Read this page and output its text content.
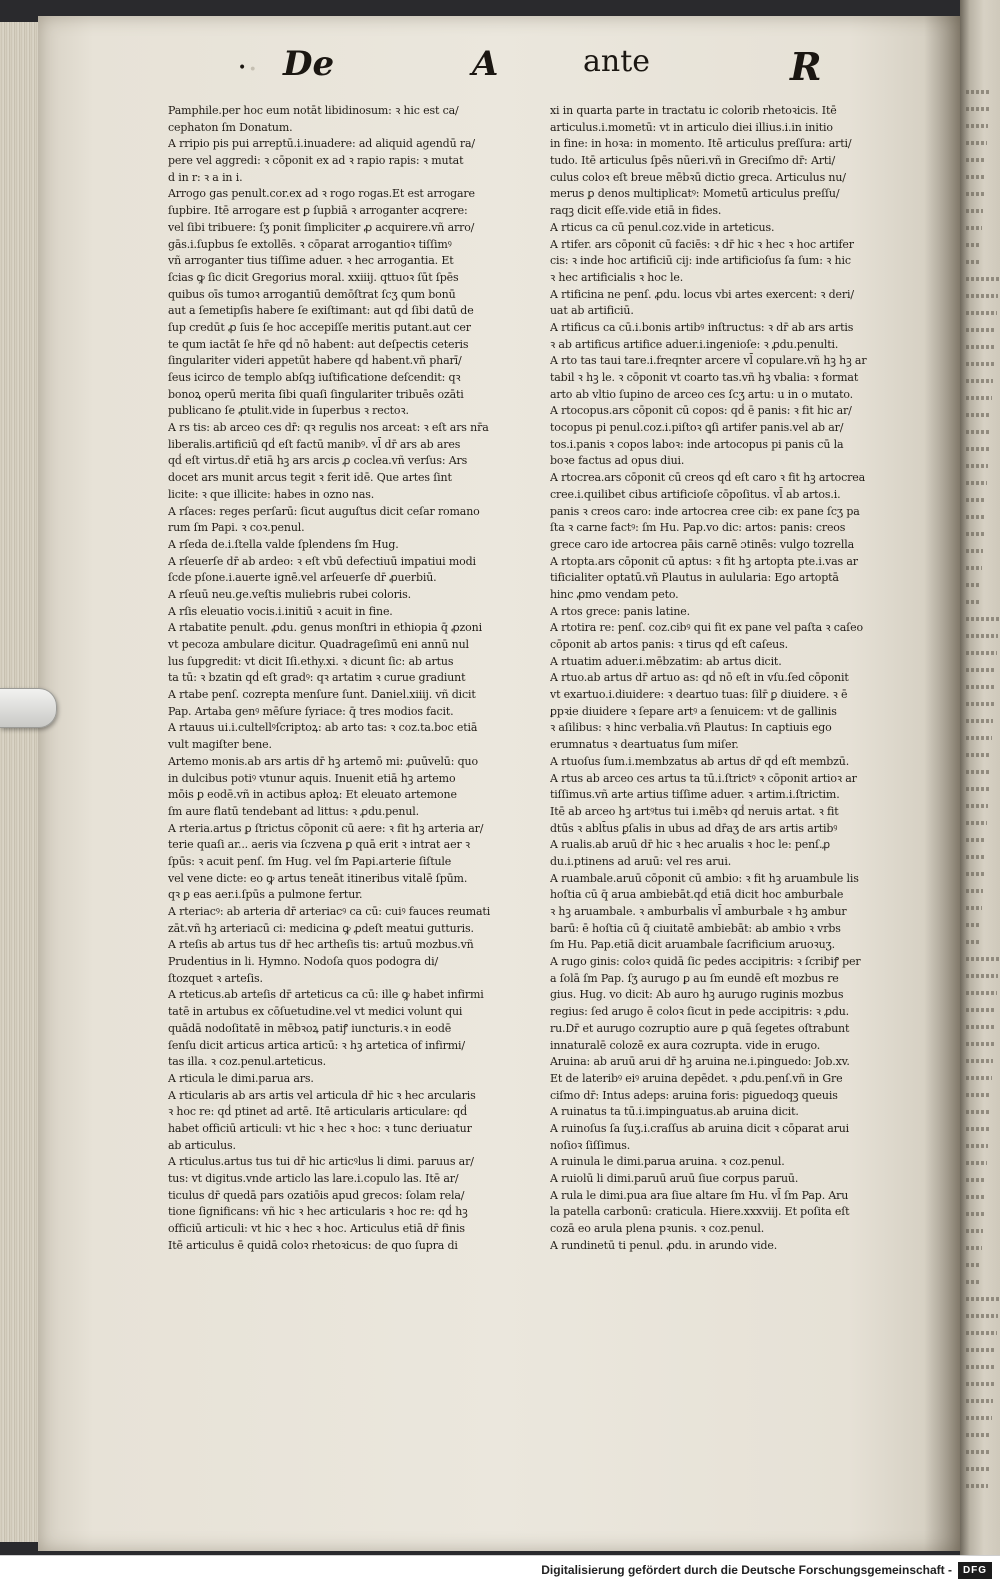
·
• De	A	ante	R
Pamphile.per hoc eum notāt libidinosum: ꝛ hic est ca/
cephaton ſm Donatum.
A rripio pis pui arreptū.i.inuadere: ad aliquid agendū ra/
pere vel aggredi: ꝛ cōponit ex ad ꝛ rapio rapis: ꝛ mutat
d in r: ꝛ a in i.
Arrogo gas penult.cor.ex ad ꝛ rogo rogas.Et est arrogare
ſupbire. Itē arrogare est ꝑ ſupbiā ꝛ arroganter acqrere:
vel ſibi tribuere: ſʒ ponit ſimpliciter ꝓ acquirere.vñ arro/
gās.i.ſupbus ſe extollēs. ꝛ cōparat arrogantioꝛ tiſſimꝰ
vñ arroganter tius tiſſime aduer. ꝛ hec arrogantia. Et
ſcias ꝙ ſic dicit Gregorius moral. xxiiij. qttuoꝛ ſūt ſpēs
quibus oīs tumoꝛ arrogantiū demōſtrat ſcʒ qum bonū
aut a ſemetipſis habere ſe exiſtimant: aut qḋ ſibi datū de
ſup credūt ꝓ ſuis ſe hoc accepiſſe meritis putant.aut cer
te qum iactāt ſe hr̄e qḋ nō habent: aut deſpectis ceteris
ſingulariter videri appetūt habere qḋ habent.vñ pharī/
ſeus icirco de templo abſqꝫ iuſtificatione deſcendit: qꝛ
bonoꝝ operū merita ſibi quaſi ſingulariter tribuēs ozāti
publicano ſe ꝓtulit.vide in ſuperbus ꝛ rectoꝛ.
A rs tis: ab arceo ces dr̄: qꝛ regulis nos arceat: ꝛ eſt ars nr̄a
liberalis.artificiū qḋ eſt factū manibꝰ. vl̄ dr̄ ars ab ares
qḋ eſt virtus.dr̄ etiā hꝫ ars arcis ꝓ coclea.vñ verſus: Ars
docet ars munit arcus tegit ꝛ ferit idē. Que artes ſint
licite: ꝛ que illicite: habes in ozno nas.
A rſaces: reges perſarū: ſicut auguſtus dicit ceſar romano
rum ſm Papi. ꝛ coꝛ.penul.
A rſeda de.i.ſtella valde ſplendens ſm Hug.
A rſeuerſe dr̄ ab ardeo: ꝛ eſt vbū defectiuū impatiui modi
ſcde pſone.i.auerte ignē.vel arſeuerſe dr̄ ꝓuerbiū.
A rſeuū neu.ge.veſtis muliebris rubei coloris.
A rſis eleuatio vocis.i.initiū ꝛ acuit in fine.
A rtabatite penult. ꝓdu. genus monſtri in ethiopia q̄ ꝓzoni
vt pecoza ambulare dicitur. Quadrageſimū eni annū nul
lus ſupgredit: vt dicit Iſi.ethy.xi. ꝛ dicunt ſic: ab artus
ta tū: ꝛ bzatin qḋ eſt gradꝰ: qꝛ artatim ꝛ curue gradiunt
A rtabe penſ. cozrepta menſure ſunt. Daniel.xiiij. vñ dicit
Pap. Artaba genꝰ mēſure ſyriace: q̄ tres modios facit.
A rtauus ui.i.cultellꝰſcriptoꝝ: ab arto tas: ꝛ coz.ta.boc etiā
vult magiſter bene.
Artemo monis.ab ars artis dr̄ hꝫ artemō mi: ꝓuūvelū: quo
in dulcibus potiꝰ vtunur aquis. Inuenit etiā hꝫ artemo
mōis ꝑ eodē.vñ in actibus apłoꝝ: Et eleuato artemone
ſm aure flatū tendebant ad littus: ꝛ ꝓdu.penul.
A rteria.artus ꝑ ſtrictus cōponit cū aere: ꝛ fit hꝫ arteria ar/
terie quaſi ar... aeris via ſczvena ꝑ quā erit ꝛ intrat aer ꝛ
ſpūs: ꝛ acuit penſ. ſm Hug. vel ſm Papi.arterie ſiſtule
vel vene dicte: eo ꝙ artus teneāt itineribus vitalē ſpūm.
qꝛ ꝑ eas aer.i.ſpūs a pulmone fertur.
A rteriacꝰ: ab arteria dr̄ arteriacꝰ ca cū: cuiꝰ fauces reumati
zāt.vñ hꝫ arteriacū ci: medicina ꝙ ꝓdeſt meatui gutturis.
A rteſis ab artus tus dr̄ hec artheſis tis: artuū mozbus.vñ
Prudentius in li. Hymno. Nodoſa quos podogra di/
ſtozquet ꝛ arteſis.
A rteticus.ab arteſis dr̄ arteticus ca cū: ille ꝙ habet infirmi
tatē in artubus ex cōſuetudine.vel vt medici volunt qui
quādā nodoſitatē in mēbꝛoꝝ patiꝭ iuncturis.ꝛ in eodē
ſenſu dicit articus artica articū: ꝛ hꝫ artetica of infirmi/
tas illa. ꝛ coz.penul.arteticus.
A rticula le dimi.parua ars.
A rticularis ab ars artis vel articula dr̄ hic ꝛ hec arcularis
ꝛ hoc re: qḋ ptinet ad artē. Itē articularis articulare: qḋ
habet officiū articuli: vt hic ꝛ hec ꝛ hoc: ꝛ tunc deriuatur
ab articulus.
A rticulus.artus tus tui dr̄ hic articꝰlus li dimi. paruus ar/
tus: vt digitus.vnde articlo las lare.i.copulo las. Itē ar/
ticulus dr̄ quedā pars ozatiōis apud grecos: ſolam rela/
tione ſignificans: vñ hic ꝛ hec articularis ꝛ hoc re: qḋ hꝫ
officiū articuli: vt hic ꝛ hec ꝛ hoc. Articulus etiā dr̄ finis
Itē articulus ē quidā coloꝛ rhetoꝛicus: de quo ſupra di
xi in quarta parte in tractatu ic colorib rhetoꝛicis. Itē
articulus.i.mometū: vt in articulo diei illius.i.in initio
in fine: in hoꝛa: in momento. Itē articulus preſſura: arti/
tudo. Itē articulus ſpēs nūeri.vñ in Greciſmo dr̄: Arti/
culus coloꝛ eſt breue mēbꝛū dictio greca. Articulus nu/
merus ꝑ denos multiplicatꝰ: Mometū articulus preſſu/
raqꝫ dicit eſſe.vide etiā in fides.
A rticus ca cū penul.coz.vide in arteticus.
A rtifer. ars cōponit cū faciēs: ꝛ dr̄ hic ꝛ hec ꝛ hoc artifer
cis: ꝛ inde hoc artificiū cij: inde artificioſus ſa ſum: ꝛ hic
ꝛ hec artificialis ꝛ hoc le.
A rtificina ne penſ. ꝓdu. locus vbi artes exercent: ꝛ deri/
uat ab artificiū.
A rtificus ca cū.i.bonis artibꝰ inſtructus: ꝛ dr̄ ab ars artis
ꝛ ab artificus artifice aduer.i.ingenioſe: ꝛ ꝓdu.penulti.
A rto tas taui tare.i.freqnter arcere vl̄ copulare.vñ hꝫ hꝫ ar
tabil ꝛ hꝫ le. ꝛ cōponit vt coarto tas.vñ hꝫ vbalia: ꝛ format
arto ab vltio ſupino de arceo ces ſcʒ artu: u in o mutato.
A rtocopus.ars cōponit cū copos: qḋ ē panis: ꝛ fit hic ar/
tocopus pi penul.coz.i.piſtoꝛ ꝗſi artifer panis.vel ab ar/
tos.i.panis ꝛ copos laboꝛ: inde artocopus pi panis cū la
boꝛe factus ad opus diui.
A rtocrea.ars cōponit cū creos qḋ eſt caro ꝛ fit hꝫ artocrea
cree.i.quilibet cibus artificioſe cōpoſitus. vl̄ ab artos.i.
panis ꝛ creos caro: inde artocrea cree cib: ex pane ſcʒ pa
ſta ꝛ carne factꝰ: ſm Hu. Pap.vo dic: artos: panis: creos
grece caro ide artocrea pāis carnē ɔtinēs: vulgo tozrella
A rtopta.ars cōponit cū aptus: ꝛ fit hꝫ artopta pte.i.vas ar
tificialiter optatū.vñ Plautus in aulularia: Ego artoptā
hinc ꝓmo vendam peto.
A rtos grece: panis latine.
A rtotira re: penſ. coz.cibꝰ qui fit ex pane vel paſta ꝛ caſeo
cōponit ab artos panis: ꝛ tirus qḋ eſt caſeus.
A rtuatim aduer.i.mēbzatim: ab artus dicit.
A rtuo.ab artus dr̄ artuo as: qḋ nō eſt in vſu.ſed cōponit
vt exartuo.i.diuidere: ꝛ deartuo tuas: ſilr̄ ꝑ diuidere. ꝛ ē
ꝑpꝛie diuidere ꝛ ſepare artꝰ a ſenuicem: vt de gallinis
ꝛ aſilibus: ꝛ hinc verbalia.vñ Plautus: In captiuis ego
erumnatus ꝛ deartuatus ſum miſer.
A rtuoſus ſum.i.membzatus ab artus dr̄ qḋ eſt membzū.
A rtus ab arceo ces artus ta tū.i.ſtrictꝰ ꝛ cōponit artioꝛ ar
tiſſimus.vñ arte artius tiſſime aduer. ꝛ artim.i.ſtrictim.
Itē ab arceo hꝫ artꝰtus tui i.mēbꝛ qḋ neruis artat. ꝛ fit
dtūs ꝛ ablt̄us ꝑſalis in ubus ad dr̄aʒ de ars artis artibꝰ
A rualis.ab aruū dr̄ hic ꝛ hec arualis ꝛ hoc le: penſ.ꝓ
du.i.ptinens ad aruū: vel res arui.
A ruambale.aruū cōponit cū ambio: ꝛ fit hꝫ aruambule lis
hoſtia cū q̄ arua ambiebāt.qḋ etiā dicit hoc amburbale
ꝛ hꝫ aruambale. ꝛ amburbalis vl̄ amburbale ꝛ hꝫ ambur
barū: ē hoſtia cū q̄ ciuitatē ambiebāt: ab ambio ꝛ vrbs
ſm Hu. Pap.etiā dicit aruambale ſacrificium aruoꝛuʒ.
A rugo ginis: coloꝛ quidā ſic pedes accipitris: ꝛ ſcribiꝭ per
a ſolā ſm Pap. ſʒ aurugo ꝑ au ſm eundē eſt mozbus re
gius. Hug. vo dicit: Ab auro hꝫ aurugo ruginis mozbus
regius: ſed arugo ē coloꝛ ſicut in pede accipitris: ꝛ ꝓdu.
ru.Dr̄ et aurugo cozruptio aure ꝑ quā ſegetes oſtrabunt
innaturalē colozē ex aura cozrupta. vide in erugo.
Aruina: ab aruū arui dr̄ hꝫ aruina ne.i.pinguedo: Job.xv.
Et de lateribꝰ eiꝰ aruina depēdet. ꝛ ꝓdu.penſ.vñ in Gre
ciſmo dr̄: Intus adeps: aruina foris: piguedoqꝫ queuis
A ruinatus ta tū.i.impinguatus.ab aruina dicit.
A ruinoſus ſa ſuʒ.i.craſſus ab aruina dicit ꝛ cōparat arui
noſioꝛ ſiſſimus.
A ruinula le dimi.parua aruina. ꝛ coz.penul.
A ruiolū li dimi.paruū aruū ſiue corpus paruū.
A rula le dimi.pua ara ſiue altare ſm Hu. vl̄ ſm Pap. Aru
la patella carbonū: craticula. Hiere.xxxviij. Et poſita eſt
cozā eo arula plena pꝛunis. ꝛ coz.penul.
A rundinetū ti penul. ꝓdu. in arundo vide.
Digitalisierung gefördert durch die Deutsche Forschungsgemeinschaft -	DFG
